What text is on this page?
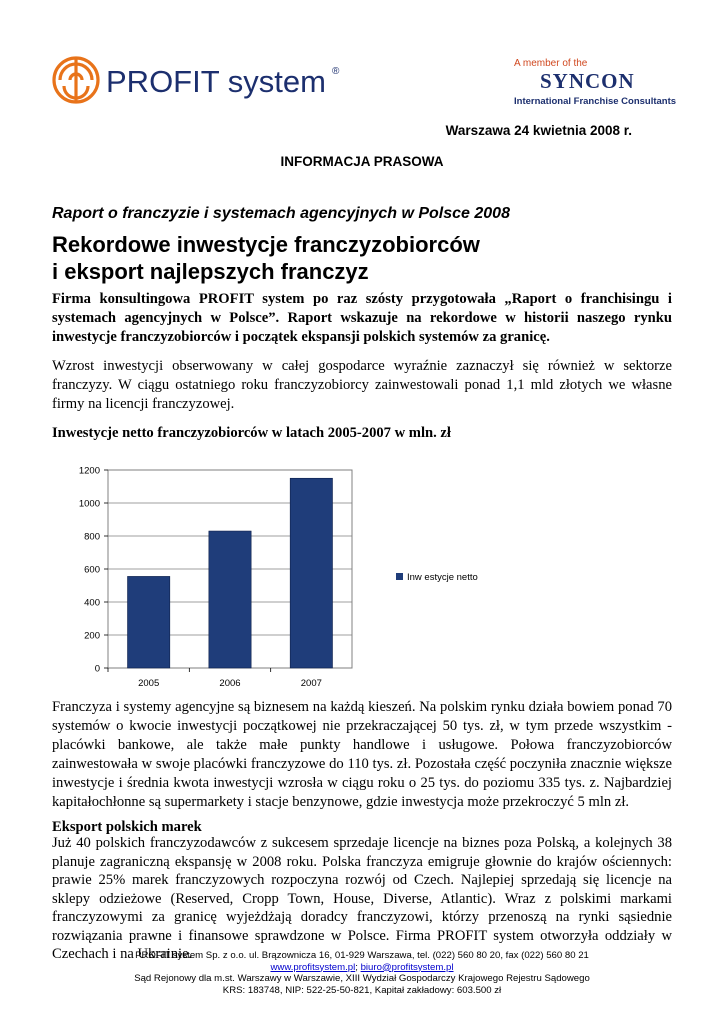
PROFIT system ®
A member of the
SYNCON
International Franchise Consultants
Warszawa 24 kwietnia 2008 r.
INFORMACJA PRASOWA
Raport o franczyzie i systemach agencyjnych w Polsce 2008
Rekordowe inwestycje franczyzobiorców
i eksport najlepszych franczyz
Firma konsultingowa PROFIT system po raz szósty przygotowała „Raport o franchisingu i
systemach agencyjnych w Polsce”. Raport wskazuje na rekordowe w historii naszego rynku
inwestycje franczyzobiorców i początek ekspansji polskich systemów za granicę.
Wzrost inwestycji obserwowany w całej gospodarce wyraźnie zaznaczył się również w sektorze
franczyzy. W ciągu ostatniego roku franczyzobiorcy zainwestowali ponad 1,1 mld złotych we własne
firmy na licencji franczyzowej.
Inwestycje netto franczyzobiorców w latach 2005-2007 w mln. zł
0
200
400
600
800
1000
1200
2005	2006	2007
Inw estycje netto
Franczyza i systemy agencyjne są biznesem na każdą kieszeń. Na polskim rynku działa bowiem ponad 70
systemów o kwocie inwestycji początkowej nie przekraczającej 50 tys. zł, w tym przede wszystkim -
placówki bankowe, ale także małe punkty handlowe i usługowe. Połowa franczyzobiorców
zainwestowała w swoje placówki franczyzowe do 110 tys. zł. Pozostała część poczyniła znacznie większe
inwestycje i średnia kwota inwestycji wzrosła w ciągu roku o 25 tys. do poziomu 335 tys. z. Najbardziej
kapitałochłonne są supermarkety i stacje benzynowe, gdzie inwestycja może przekroczyć 5 mln zł.
Eksport polskich marek
Już 40 polskich franczyzodawców z sukcesem sprzedaje licencje na biznes poza Polską, a kolejnych 38
planuje zagraniczną ekspansję w 2008 roku. Polska franczyza emigruje głownie do krajów ościennych:
prawie 25% marek franczyzowych rozpoczyna rozwój od Czech. Najlepiej sprzedają się licencje na
sklepy odzieżowe (Reserved, Cropp Town, House, Diverse, Atlantic). Wraz z polskimi markami
franczyzowymi za granicę wyjeżdżają doradcy franczyzowi, którzy przenoszą na rynki sąsiednie
rozwiązania prawne i finansowe sprawdzone w Polsce. Firma PROFIT system otworzyła oddziały w
Czechach i na Ukrainie.
PROFIT system Sp. z o.o. ul. Brązownicza 16, 01-929 Warszawa, tel. (022) 560 80 20, fax (022) 560 80 21
www.profitsystem.pl; biuro@profitsystem.pl
Sąd Rejonowy dla m.st. Warszawy w Warszawie, XIII Wydział Gospodarczy Krajowego Rejestru Sądowego
KRS: 183748, NIP: 522-25-50-821, Kapitał zakładowy: 603.500 zł
